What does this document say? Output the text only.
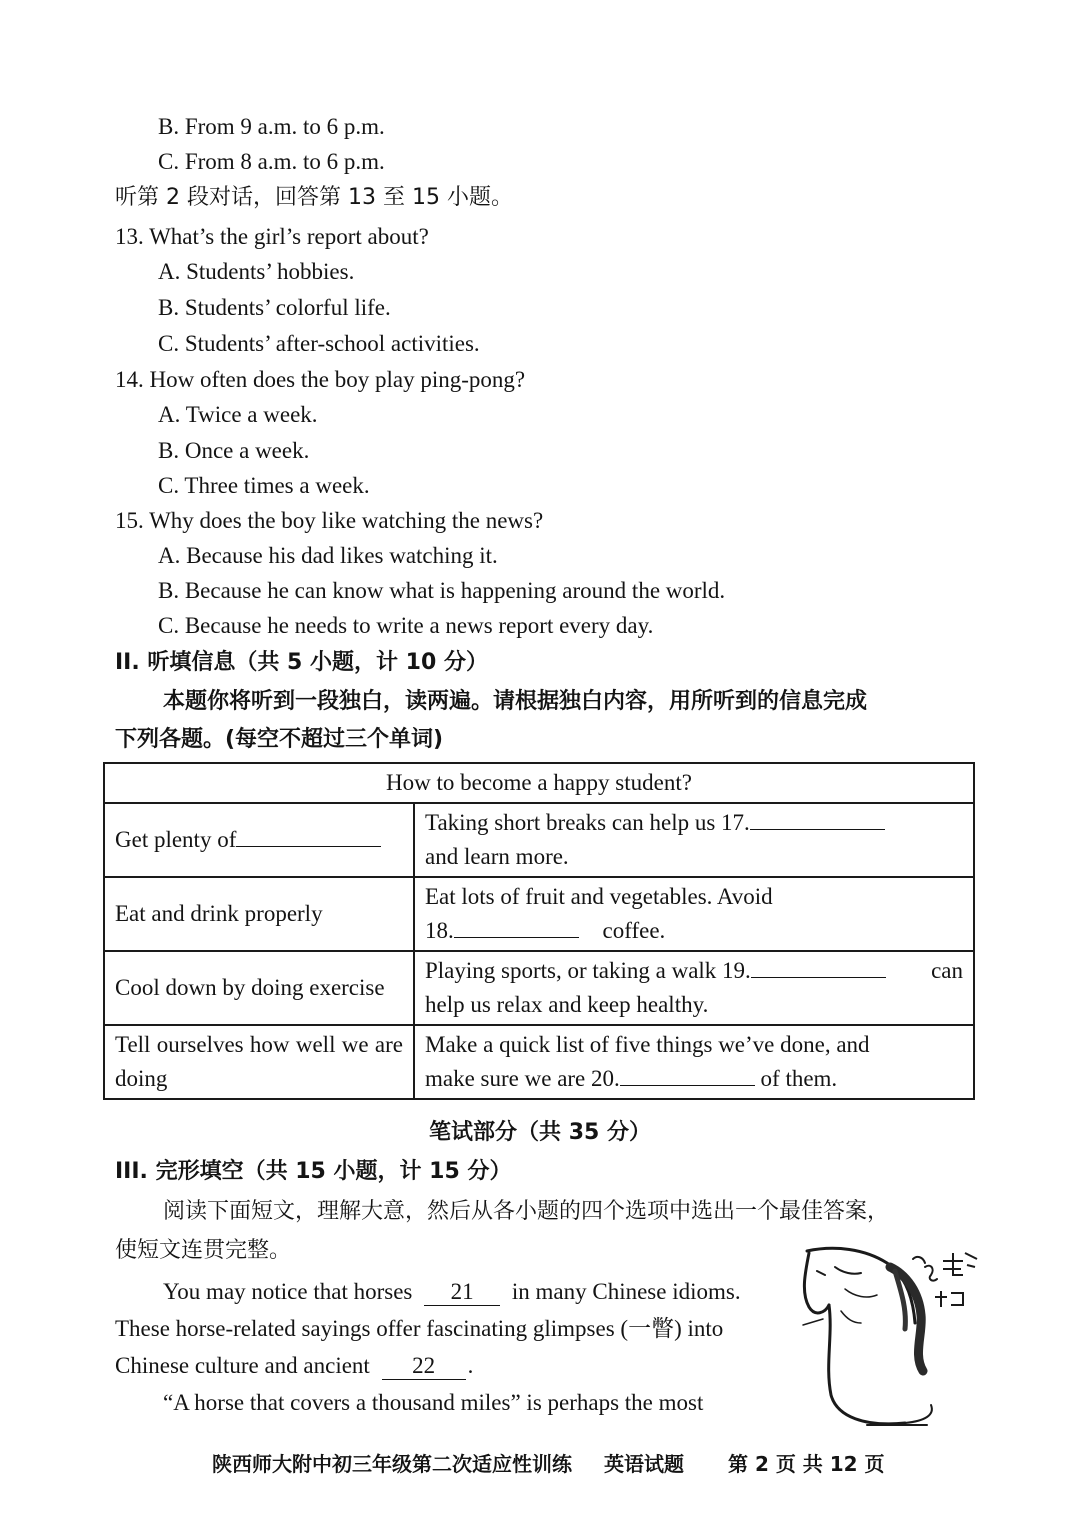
B. From 9 a.m. to 6 p.m.
C. From 8 a.m. to 6 p.m.
听第 2 段对话，回答第 13 至 15 小题。
13. What’s the girl’s report about?
A. Students’ hobbies.
B. Students’ colorful life.
C. Students’ after-school activities.
14. How often does the boy play ping-pong?
A. Twice a week.
B. Once a week.
C. Three times a week.
15. Why does the boy like watching the news?
A. Because his dad likes watching it.
B. Because he can know what is happening around the world.
C. Because he needs to write a news report every day.
II. 听填信息（共 5 小题，计 10 分）
本题你将听到一段独白，读两遍。请根据独白内容，用所听到的信息完成
下列各题。(每空不超过三个单词)
How to become a happy student?	
Get plenty of	Taking short breaks can help us 17.
and learn more.
Eat and drink properly	Eat lots of fruit and vegetables. Avoid
18. coffee.
Cool down by doing exercise	Playing sports, or taking a walk 19. can

help us relax and keep healthy.
Tell ourselves how well we are doing	Make a quick list of five things we’ve done, and
make sure we are 20. of them.
笔试部分（共 35 分）
III. 完形填空（共 15 小题，计 15 分）
阅读下面短文，理解大意，然后从各小题的四个选项中选出一个最佳答案，
使短文连贯完整。
You may notice that horses 21 in many Chinese idioms.
These horse-related sayings offer fascinating glimpses (一瞥) into
Chinese culture and ancient 22 .
“A horse that covers a thousand miles” is perhaps the most
陕西师大附中初三年级第二次适应性训练 英语试题 第 2 页 共 12 页
